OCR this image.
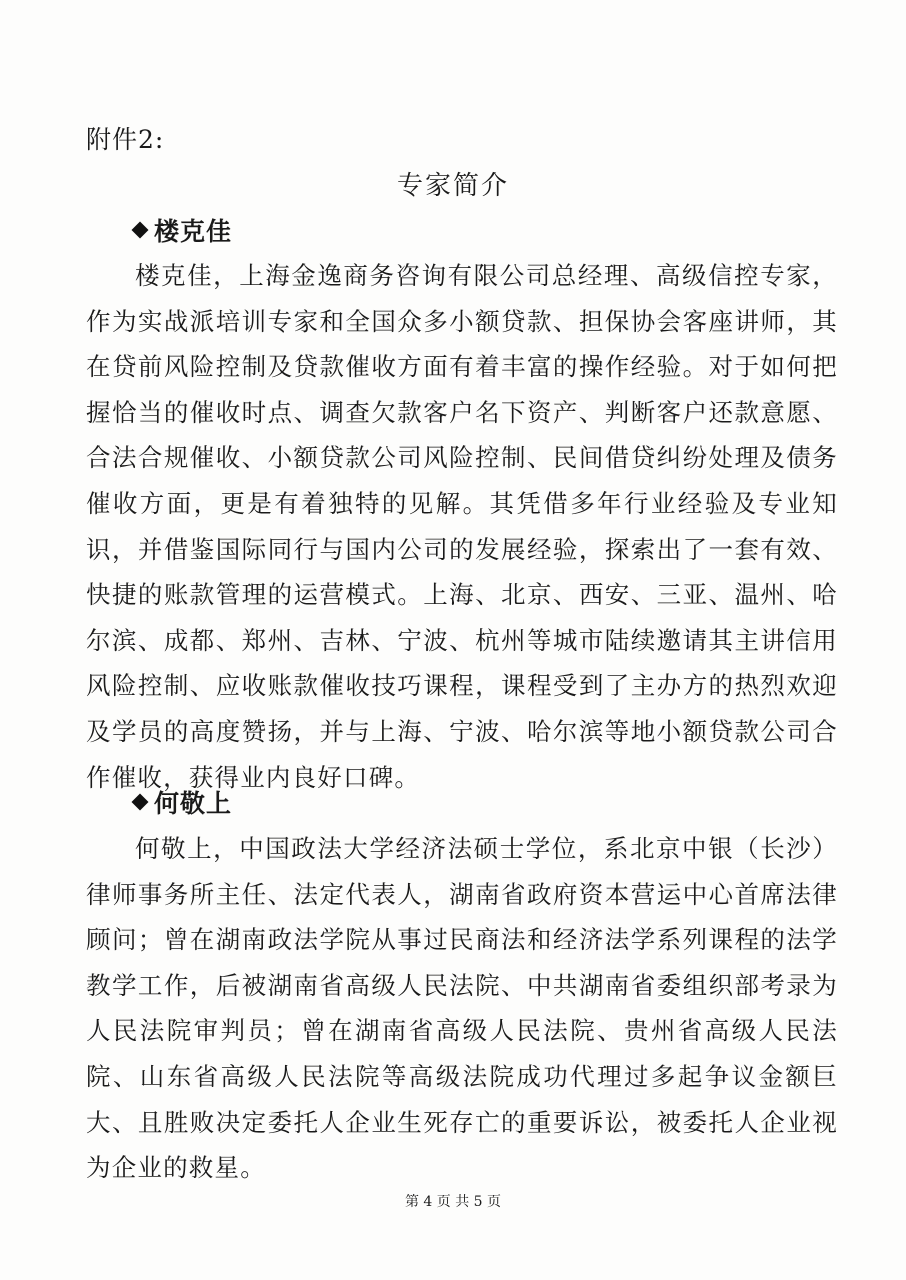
附件2:
专家简介
楼克佳
楼克佳，上海金逸商务咨询有限公司总经理、高级信控专家，作为实战派培训专家和全国众多小额贷款、担保协会客座讲师，其在贷前风险控制及贷款催收方面有着丰富的操作经验。对于如何把握恰当的催收时点、调查欠款客户名下资产、判断客户还款意愿、合法合规催收、小额贷款公司风险控制、民间借贷纠纷处理及债务催收方面，更是有着独特的见解。其凭借多年行业经验及专业知识，并借鉴国际同行与国内公司的发展经验，探索出了一套有效、快捷的账款管理的运营模式。上海、北京、西安、三亚、温州、哈尔滨、成都、郑州、吉林、宁波、杭州等城市陆续邀请其主讲信用风险控制、应收账款催收技巧课程，课程受到了主办方的热烈欢迎及学员的高度赞扬，并与上海、宁波、哈尔滨等地小额贷款公司合作催收，获得业内良好口碑。
何敬上
何敬上，中国政法大学经济法硕士学位，系北京中银（长沙）律师事务所主任、法定代表人，湖南省政府资本营运中心首席法律顾问；曾在湖南政法学院从事过民商法和经济法学系列课程的法学教学工作，后被湖南省高级人民法院、中共湖南省委组织部考录为人民法院审判员；曾在湖南省高级人民法院、贵州省高级人民法院、山东省高级人民法院等高级法院成功代理过多起争议金额巨大、且胜败决定委托人企业生死存亡的重要诉讼，被委托人企业视为企业的救星。
第 4 页 共 5 页
